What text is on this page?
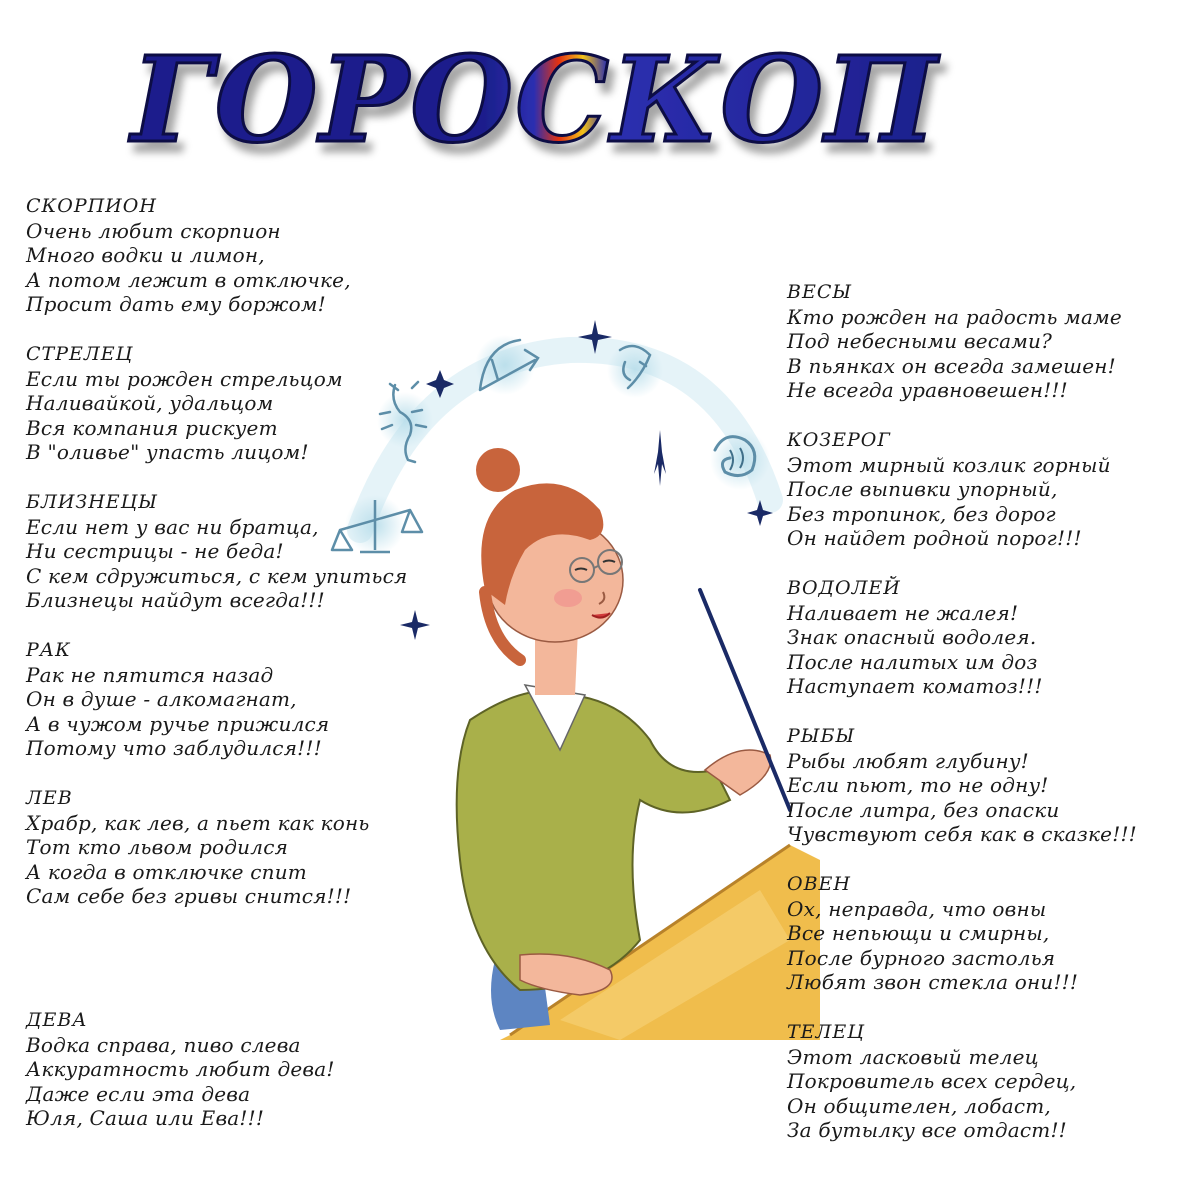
ГОРОСКОП
СКОРПИОН
Очень любит скорпион
Много водки и лимон,
А потом лежит в отключке,
Просит дать ему боржом!
СТРЕЛЕЦ
Если ты рожден стрельцом
Наливайкой, удальцом
Вся компания рискует
В "оливье" упасть лицом!
БЛИЗНЕЦЫ
Если нет у вас ни братца,
Ни сестрицы - не беда!
С кем сдружиться, с кем упиться
Близнецы найдут всегда!!!
РАК
Рак не пятится назад
Он в душе - алкомагнат,
А в чужом ручье прижился
Потому что заблудился!!!
ЛЕВ
Храбр, как лев, а пьет как конь
Тот кто львом родился
А когда в отключке спит
Сам себе без гривы снится!!!
ДЕВА
Водка справа, пиво слева
Аккуратность любит дева!
Даже если эта дева
Юля, Саша или Ева!!!
ВЕСЫ
Кто рожден на радость маме
Под небесными весами?
В пьянках он всегда замешен!
Не всегда уравновешен!!!
КОЗЕРОГ
Этот мирный козлик горный
После выпивки упорный,
Без тропинок, без дорог
Он найдет родной порог!!!
ВОДОЛЕЙ
Наливает не жалея!
Знак опасный водолея.
После налитых им доз
Наступает коматоз!!!
РЫБЫ
Рыбы любят глубину!
Если пьют, то не одну!
После литра, без опаски
Чувствуют себя как в сказке!!!
ОВЕН
Ох, неправда, что овны
Все непьющи и смирны,
После бурного застолья
Любят звон стекла они!!!
ТЕЛЕЦ
Этот ласковый телец
Покровитель всех сердец,
Он общителен, лобаст,
За бутылку все отдаст!!
